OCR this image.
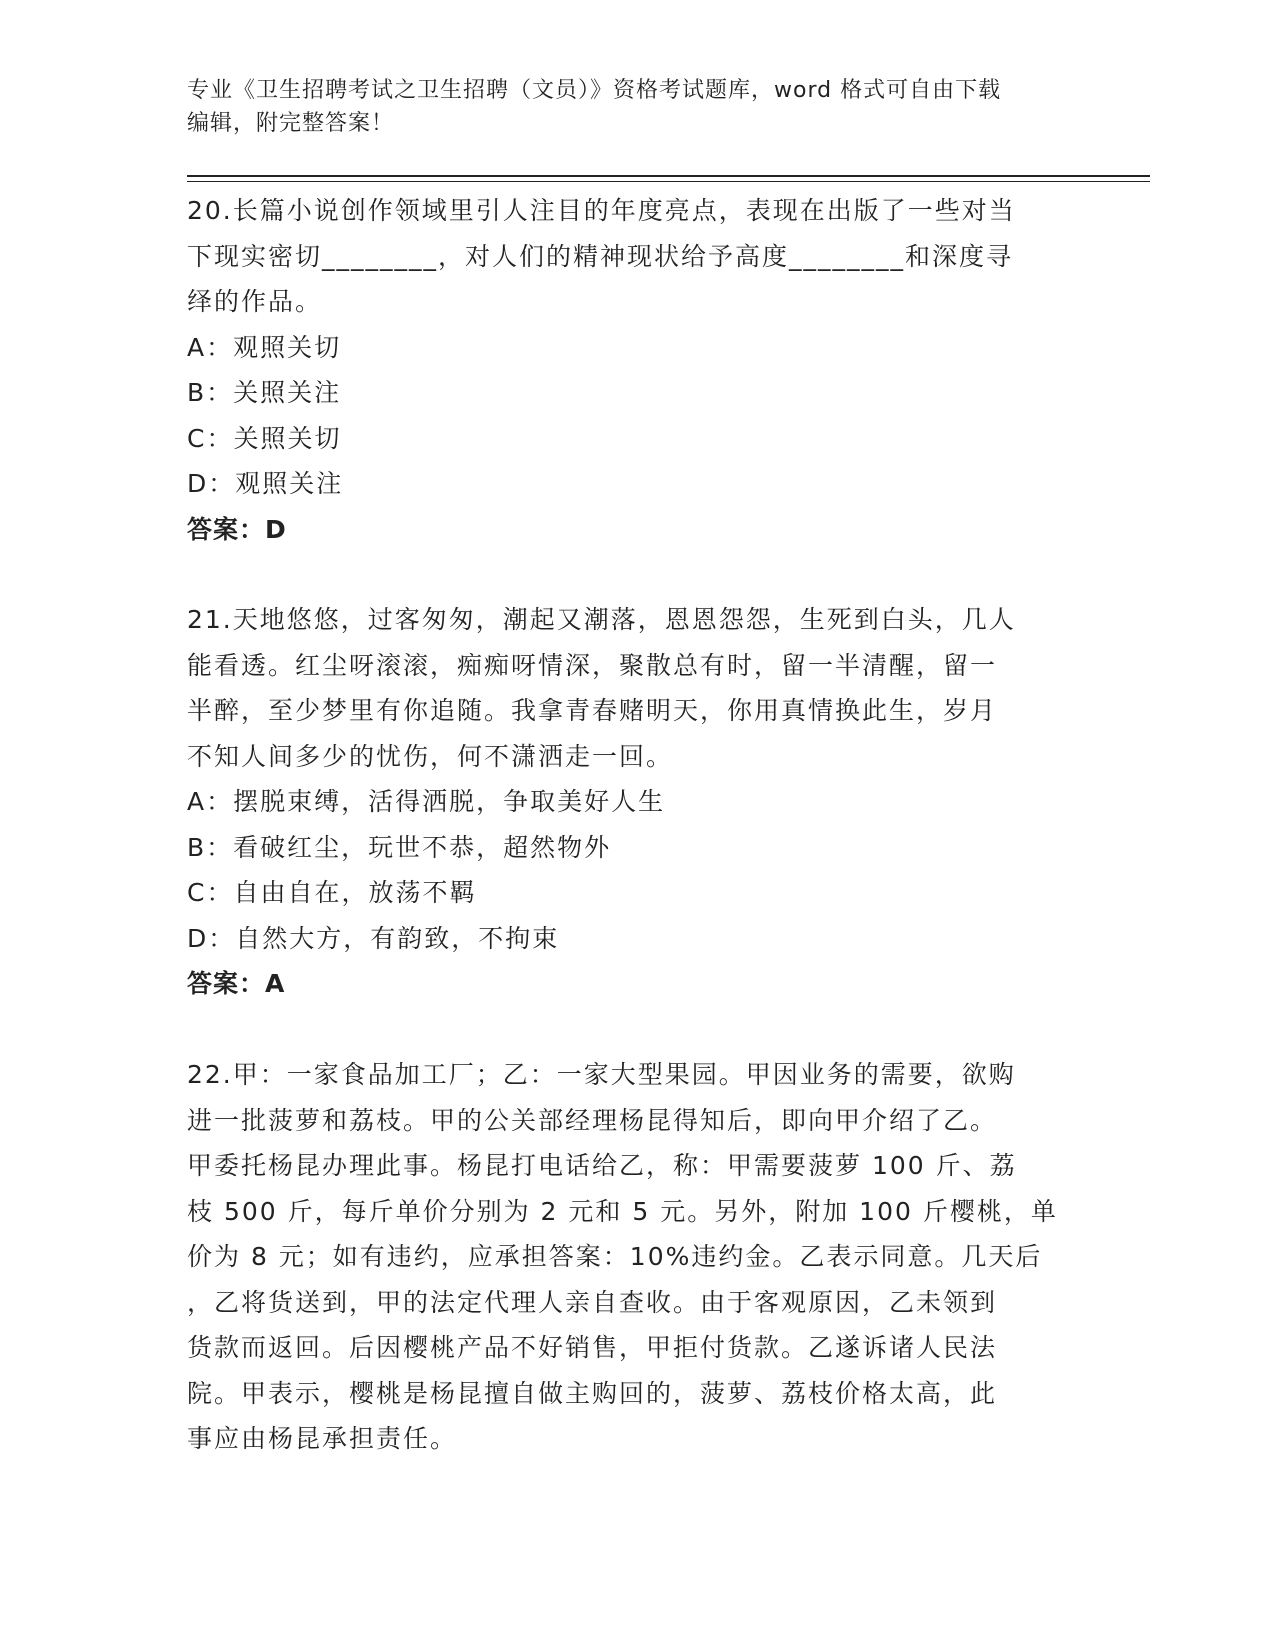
专业《卫生招聘考试之卫生招聘（文员）》资格考试题库，word 格式可自由下载
编辑，附完整答案！
20.长篇小说创作领域里引人注目的年度亮点，表现在出版了一些对当
下现实密切________，对人们的精神现状给予高度________和深度寻
绎的作品。
A：观照关切
B：关照关注
C：关照关切
D：观照关注
答案：D
21.天地悠悠，过客匆匆，潮起又潮落，恩恩怨怨，生死到白头，几人
能看透。红尘呀滚滚，痴痴呀情深，聚散总有时，留一半清醒，留一
半醉，至少梦里有你追随。我拿青春赌明天，你用真情换此生，岁月
不知人间多少的忧伤，何不潇洒走一回。
A：摆脱束缚，活得洒脱，争取美好人生
B：看破红尘，玩世不恭，超然物外
C：自由自在，放荡不羁
D：自然大方，有韵致，不拘束
答案：A
22.甲：一家食品加工厂；乙：一家大型果园。甲因业务的需要，欲购
进一批菠萝和荔枝。甲的公关部经理杨昆得知后，即向甲介绍了乙。
甲委托杨昆办理此事。杨昆打电话给乙，称：甲需要菠萝 100 斤、荔
枝 500 斤，每斤单价分别为 2 元和 5 元。另外，附加 100 斤樱桃，单
价为 8 元；如有违约，应承担答案：10%违约金。乙表示同意。几天后
，乙将货送到，甲的法定代理人亲自查收。由于客观原因，乙未领到
货款而返回。后因樱桃产品不好销售，甲拒付货款。乙遂诉诸人民法
院。甲表示，樱桃是杨昆擅自做主购回的，菠萝、荔枝价格太高，此
事应由杨昆承担责任。
